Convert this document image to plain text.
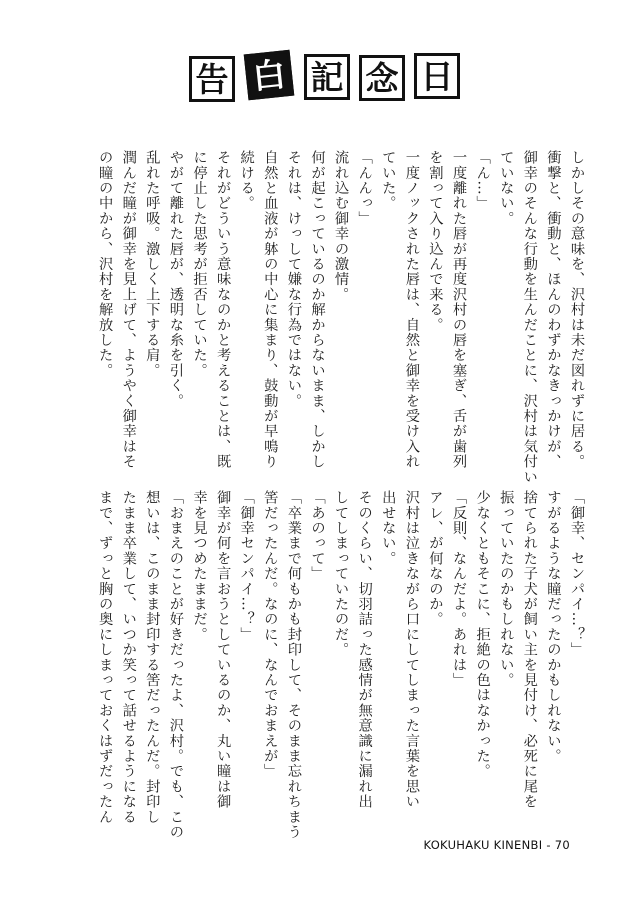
告 白 記 念 日
しかしその意味を、沢村は未だ図れずに居る。
衝撃と、衝動と、ほんのわずかなきっかけが、
御幸のそんな行動を生んだことに、沢村は気付い
ていない。
「ん…」
一度離れた唇が再度沢村の唇を塞ぎ、舌が歯列
を割って入り込んで来る。
一度ノックされた唇は、自然と御幸を受け入れ
ていた。
「んんっ」
流れ込む御幸の激情。
何が起こっているのか解からないまま、しかし
それは、けっして嫌な行為ではない。
自然と血液が躰の中心に集まり、鼓動が早鳴り
続ける。
それがどういう意味なのかと考えることは、既
に停止した思考が拒否していた。
やがて離れた唇が、透明な糸を引く。
乱れた呼吸。激しく上下する肩。
潤んだ瞳が御幸を見上げて、ようやく御幸はそ
の瞳の中から、沢村を解放した。
「御幸、センパイ…？」
すがるような瞳だったのかもしれない。
捨てられた子犬が飼い主を見付け、必死に尾を
振っていたのかもしれない。
少なくともそこに、拒絶の色はなかった。
「反則、なんだよ。あれは」
アレ、が何なのか。
沢村は泣きながら口にしてしまった言葉を思い
出せない。
そのくらい、切羽詰った感情が無意識に漏れ出
してしまっていたのだ。
「あのって」
「卒業まで何もかも封印して、そのまま忘れちまう
筈だったんだ。なのに、なんでおまえが」
「御幸センパイ…？」
御幸が何を言おうとしているのか、丸い瞳は御
幸を見つめたままだ。
「おまえのことが好きだったよ、沢村。でも、この
想いは、このまま封印する筈だったんだ。封印し
たまま卒業して、いつか笑って話せるようになる
まで、ずっと胸の奥にしまっておくはずだったん
KOKUHAKU KINENBI - 70
